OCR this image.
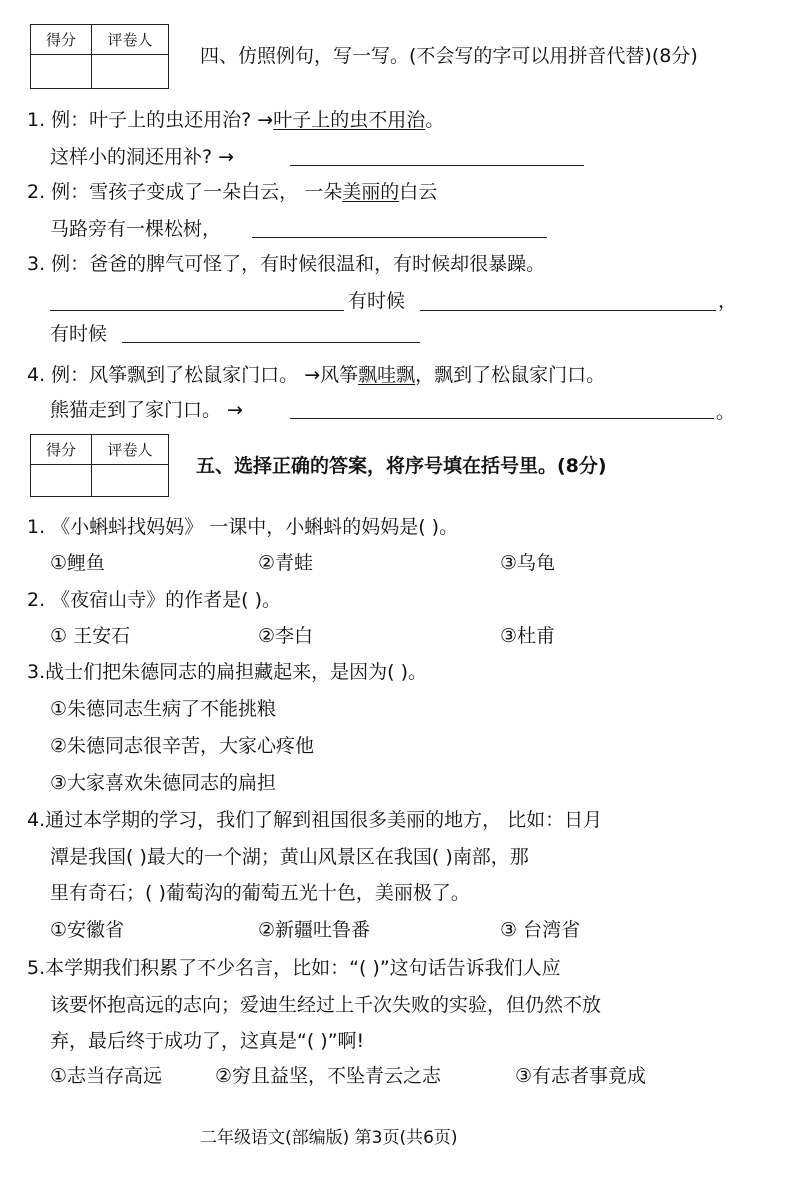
得分	评卷人

四、仿照例句，写一写。(不会写的字可以用拼音代替)(8分)
1. 例：叶子上的虫还用治? →叶子上的虫不用治。
这样小的洞还用补? →
2. 例：雪孩子变成了一朵白云， 一朵美丽的白云
马路旁有一棵松树，
3. 例：爸爸的脾气可怪了，有时候很温和，有时候却很暴躁。
有时候	，
有时候
4. 例：风筝飘到了松鼠家门口。 →风筝飘哇飘，飘到了松鼠家门口。
熊猫走到了家门口。 →	。
得分	评卷人

五、选择正确的答案，将序号填在括号里。(8分)
1. 《小蝌蚪找妈妈》 一课中，小蝌蚪的妈妈是( )。
①鲤鱼	②青蛙	③乌龟
2. 《夜宿山寺》的作者是( )。
① 王安石	②李白	③杜甫
3.战士们把朱德同志的扁担藏起来，是因为( )。
①朱德同志生病了不能挑粮
②朱德同志很辛苦，大家心疼他
③大家喜欢朱德同志的扁担
4.通过本学期的学习，我们了解到祖国很多美丽的地方， 比如：日月
潭是我国( )最大的一个湖；黄山风景区在我国( )南部，那
里有奇石；( )葡萄沟的葡萄五光十色，美丽极了。
①安徽省	②新疆吐鲁番	③ 台湾省
5.本学期我们积累了不少名言，比如：“( )”这句话告诉我们人应
该要怀抱高远的志向；爱迪生经过上千次失败的实验，但仍然不放
弃，最后终于成功了，这真是“( )”啊!
①志当存高远	②穷且益坚，不坠青云之志	③有志者事竟成
二年级语文(部编版) 第3页(共6页)
